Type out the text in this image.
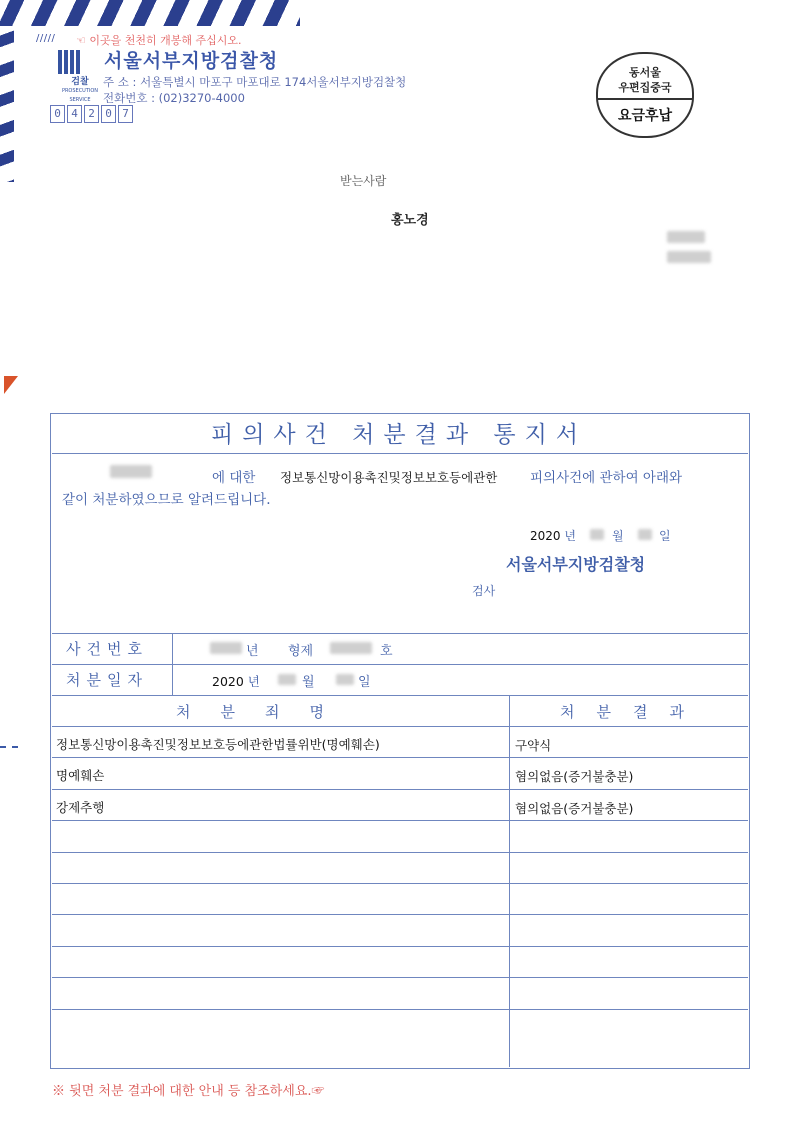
///// ☜ 이곳을 천천히 개봉해 주십시오.
검찰
PROSECUTION SERVICE
서울서부지방검찰청
주 소 : 서울특별시 마포구 마포대로 174서울서부지방검찰청
전화번호 : (02)3270-4000
0 4 2 0 7
동서울
우편집중국
요금후납
받는사람
홍노경
피의사건 처분결과 통지서
에 대한 정보통신망이용촉진및정보보호등에관한 피의사건에 관하여 아래와
같이 처분하였으므로 알려드립니다.
2020 년	월	일
서울서부지방검찰청
검사
사건번호	년 형제	호
처분일자	2020 년	월	일
처분죄명	처분결과
정보통신망이용촉진및정보보호등에관한법률위반(명예훼손)	구약식
명예훼손	혐의없음(증거불충분)
강제추행	혐의없음(증거불충분)
※ 뒷면 처분 결과에 대한 안내 등 참조하세요.☞
